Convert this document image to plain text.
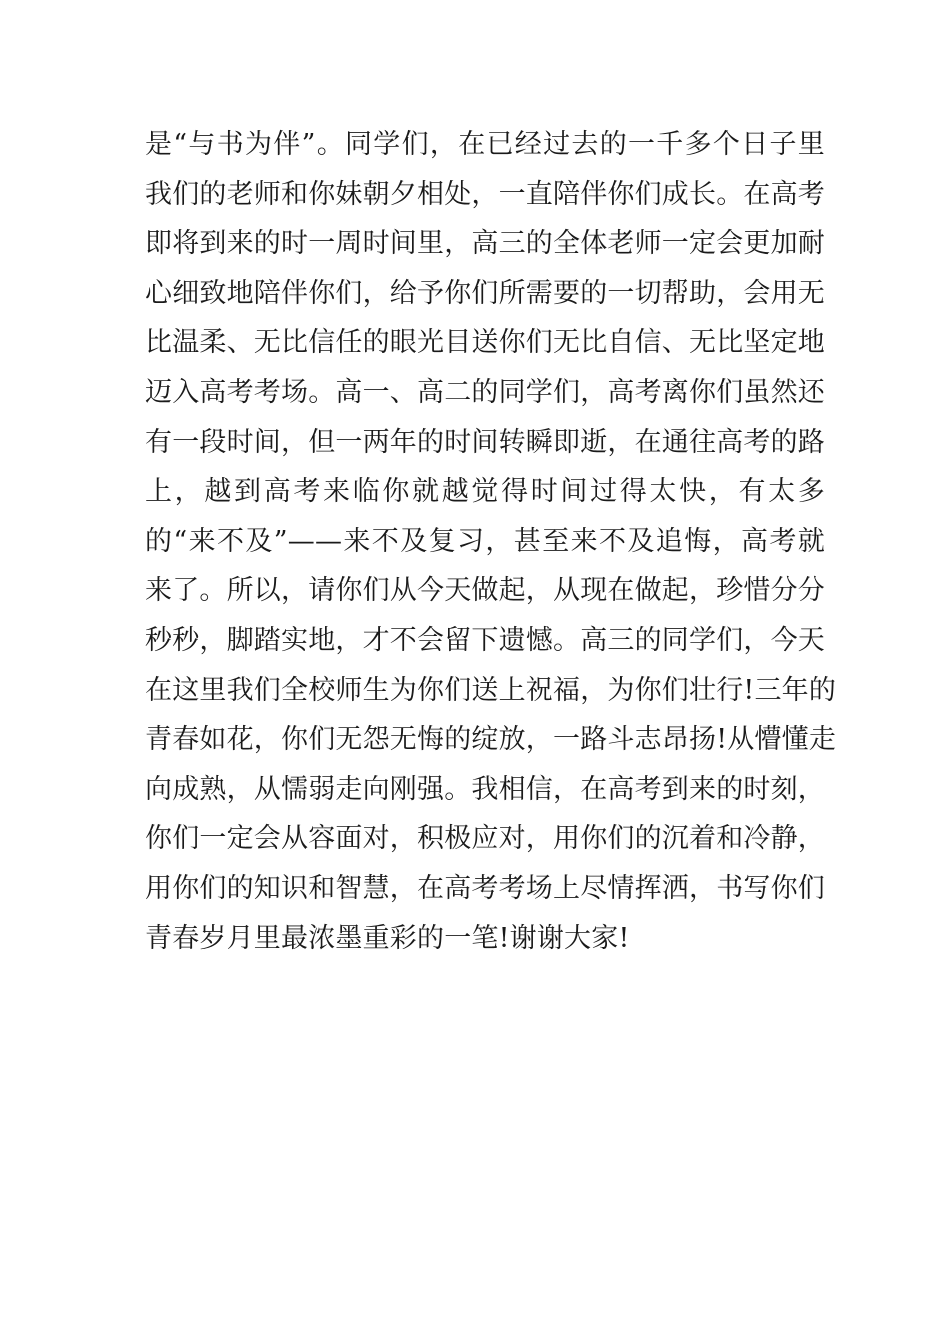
是“与书为伴”。同学们，在已经过去的一千多个日子里
我们的老师和你妹朝夕相处，一直陪伴你们成长。在高考
即将到来的时一周时间里，高三的全体老师一定会更加耐
心细致地陪伴你们，给予你们所需要的一切帮助，会用无
比温柔、无比信任的眼光目送你们无比自信、无比坚定地
迈入高考考场。高一、高二的同学们，高考离你们虽然还
有一段时间，但一两年的时间转瞬即逝，在通往高考的路
上，越到高考来临你就越觉得时间过得太快，有太多
的“来不及”——来不及复习，甚至来不及追悔，高考就
来了。所以，请你们从今天做起，从现在做起，珍惜分分
秒秒，脚踏实地，才不会留下遗憾。高三的同学们，今天
在这里我们全校师生为你们送上祝福，为你们壮行!三年的
青春如花，你们无怨无悔的绽放，一路斗志昂扬!从懵懂走
向成熟，从懦弱走向刚强。我相信，在高考到来的时刻，
你们一定会从容面对，积极应对，用你们的沉着和冷静，
用你们的知识和智慧，在高考考场上尽情挥洒，书写你们
青春岁月里最浓墨重彩的一笔!谢谢大家!
